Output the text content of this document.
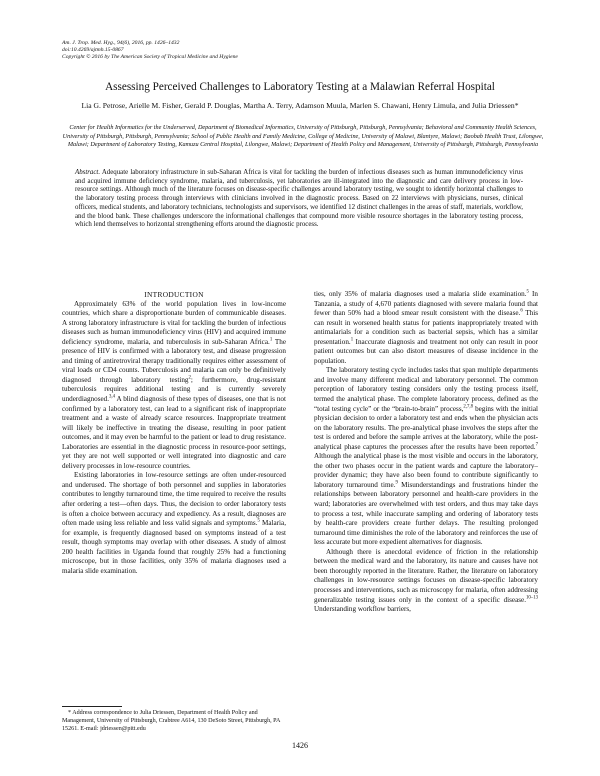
Am. J. Trop. Med. Hyg., 94(6), 2016, pp. 1426–1432
doi:10.4269/ajtmh.15-0867
Copyright © 2016 by The American Society of Tropical Medicine and Hygiene
Assessing Perceived Challenges to Laboratory Testing at a Malawian Referral Hospital
Lia G. Petrose, Arielle M. Fisher, Gerald P. Douglas, Martha A. Terry, Adamson Muula, Marlen S. Chawani, Henry Limula, and Julia Driessen*
Center for Health Informatics for the Underserved, Department of Biomedical Informatics, University of Pittsburgh, Pittsburgh, Pennsylvania; Behavioral and Community Health Sciences, University of Pittsburgh, Pittsburgh, Pennsylvania; School of Public Health and Family Medicine, College of Medicine, University of Malawi, Blantyre, Malawi; Baobab Health Trust, Lilongwe, Malawi; Department of Laboratory Testing, Kamuzu Central Hospital, Lilongwe, Malawi; Department of Health Policy and Management, University of Pittsburgh, Pittsburgh, Pennsylvania
Abstract. Adequate laboratory infrastructure in sub-Saharan Africa is vital for tackling the burden of infectious diseases such as human immunodeficiency virus and acquired immune deficiency syndrome, malaria, and tuberculosis, yet laboratories are ill-integrated into the diagnostic and care delivery process in low-resource settings. Although much of the literature focuses on disease-specific challenges around laboratory testing, we sought to identify horizontal challenges to the laboratory testing process through interviews with clinicians involved in the diagnostic process. Based on 22 interviews with physicians, nurses, clinical officers, medical students, and laboratory technicians, technologists and supervisors, we identified 12 distinct challenges in the areas of staff, materials, workflow, and the blood bank. These challenges underscore the informational challenges that compound more visible resource shortages in the laboratory testing process, which lend themselves to horizontal strengthening efforts around the diagnostic process.

INTRODUCTION

Approximately 63% of the world population lives in low-income countries, which share a disproportionate burden of communicable diseases. A strong laboratory infrastructure is vital for tackling the burden of infectious diseases such as human immunodeficiency virus (HIV) and acquired immune deficiency syndrome, malaria, and tuberculosis in sub-Saharan Africa.$^1$ The presence of HIV is confirmed with a laboratory test, and disease progression and timing of antiretroviral therapy traditionally requires either assessment of viral loads or CD4 counts. Tuberculosis and malaria can only be definitively diagnosed through laboratory testing$^2$; furthermore, drug-resistant tuberculosis requires additional testing and is currently severely underdiagnosed.$^{3,4}$ A blind diagnosis of these types of diseases, one that is not confirmed by a laboratory test, can lead to a significant risk of inappropriate treatment and a waste of already scarce resources. Inappropriate treatment will likely be ineffective in treating the disease, resulting in poor patient outcomes, and it may even be harmful to the patient or lead to drug resistance. Laboratories are essential in the diagnostic process in resource-poor settings, yet they are not well supported or well integrated into diagnostic and care delivery processes in low-resource countries.

Existing laboratories in low-resource settings are often under-resourced and underused. The shortage of both personnel and supplies in laboratories contributes to lengthy turnaround time, the time required to receive the results after ordering a test—often days. Thus, the decision to order laboratory tests is often a choice between accuracy and expediency. As a result, diagnoses are often made using less reliable and less valid signals and symptoms.$^5$ Malaria, for example, is frequently diagnosed based on symptoms instead of a test result, though symptoms may overlap with other diseases. A study of almost 200 health facilities in Uganda found that roughly 25% had a functioning microscope, but in those facilities, only 35% of malaria diagnoses used a malaria slide examination.

ties, only 35% of malaria diagnoses used a malaria slide examination.$^5$ In Tanzania, a study of 4,670 patients diagnosed with severe malaria found that fewer than 50% had a blood smear result consistent with the disease.$^6$ This can result in worsened health status for patients inappropriately treated with antimalarials for a condition such as bacterial sepsis, which has a similar presentation.$^1$ Inaccurate diagnosis and treatment not only can result in poor patient outcomes but can also distort measures of disease incidence in the population.

The laboratory testing cycle includes tasks that span multiple departments and involve many different medical and laboratory personnel. The common perception of laboratory testing considers only the testing process itself, termed the analytical phase. The complete laboratory process, defined as the “total testing cycle” or the “brain-to-brain” process,$^{2,7,8}$ begins with the initial physician decision to order a laboratory test and ends when the physician acts on the laboratory results. The pre-analytical phase involves the steps after the test is ordered and before the sample arrives at the laboratory, while the post-analytical phase captures the processes after the results have been reported.$^7$ Although the analytical phase is the most visible and occurs in the laboratory, the other two phases occur in the patient wards and capture the laboratory–provider dynamic; they have also been found to contribute significantly to laboratory turnaround time.$^9$ Misunderstandings and frustrations hinder the relationships between laboratory personnel and health-care providers in the ward; laboratories are overwhelmed with test orders, and thus may take days to process a test, while inaccurate sampling and ordering of laboratory tests by health-care providers create further delays. The resulting prolonged turnaround time diminishes the role of the laboratory and reinforces the use of less accurate but more expedient alternatives for diagnosis.

Although there is anecdotal evidence of friction in the relationship between the medical ward and the laboratory, its nature and causes have not been thoroughly reported in the literature. Rather, the literature on laboratory challenges in low-resource settings focuses on disease-specific laboratory processes and interventions, such as microscopy for malaria, often addressing generalizable testing issues only in the context of a specific disease.$^{10-13}$ Understanding workflow barriers,

* Address correspondence to Julia Driessen, Department of Health Policy and Management, University of Pittsburgh, Crabtree A614, 130 DeSoto Street, Pittsburgh, PA 15261. E-mail: jdriessen@pitt.edu
1426
